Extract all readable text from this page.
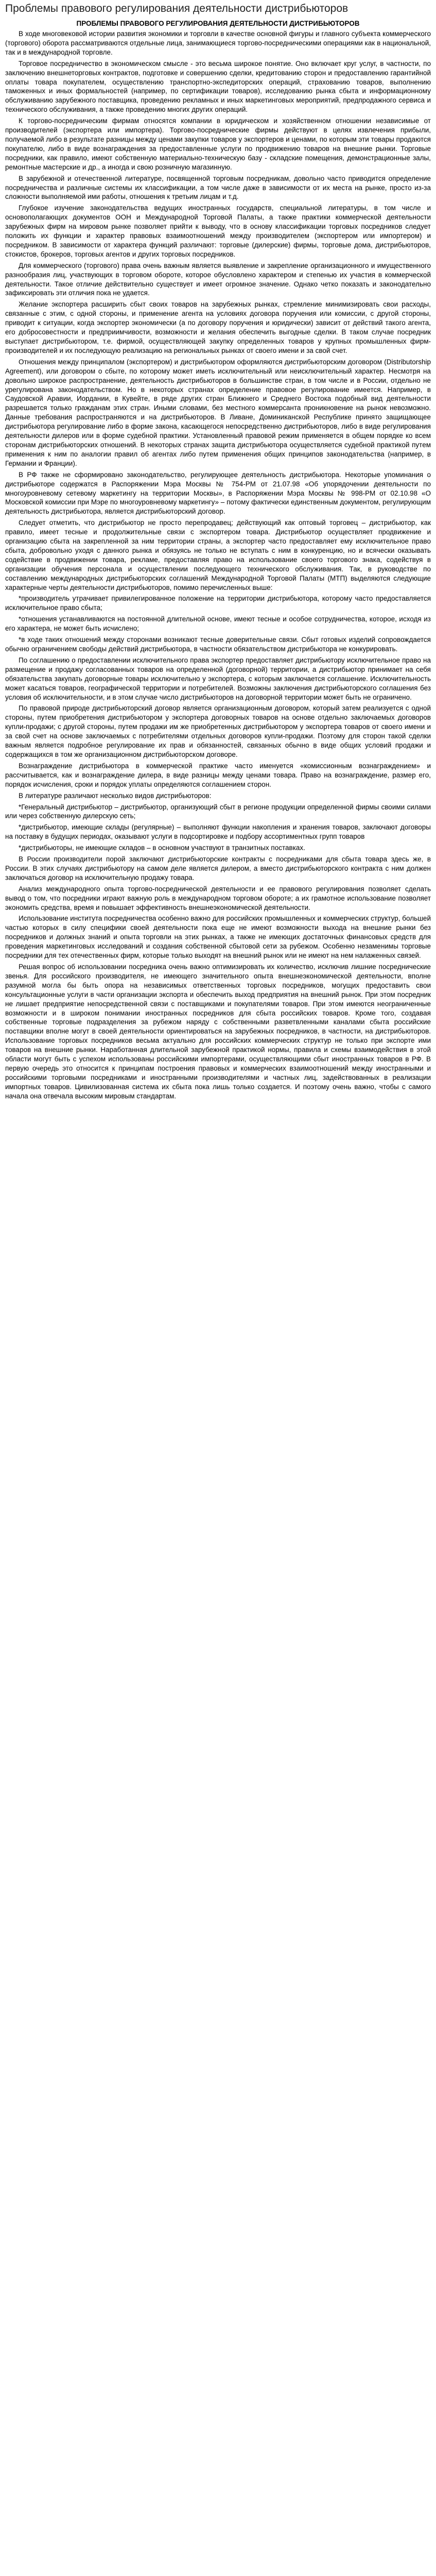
Проблемы правового регулирования деятельности дистрибьюторов
ПРОБЛЕМЫ ПРАВОВОГО РЕГУЛИРОВАНИЯ ДЕЯТЕЛЬНОСТИ ДИСТРИБЬЮТОРОВ

В ходе многовековой истории развития экономики и торговли в качестве основной фигуры и главного субъекта коммерческого (торгового) оборота рассматриваются отдельные лица, занимающиеся торгово-посредническими операциями как в национальной, так и в международной торговле.

Торговое посредничество в экономическом смысле - это весьма широкое понятие. Оно включает круг услуг, в частности, по заключению внешнеторговых контрактов, подготовке и совершению сделки, кредитованию сторон и предоставлению гарантийной оплаты товара покупателем, осуществлению транспортно-экспедиторских операций, страхованию товаров, выполнению таможенных и иных формальностей (например, по сертификации товаров), исследованию рынка сбыта и информационному обслуживанию зарубежного поставщика, проведению рекламных и иных маркетинговых мероприятий, предпродажного сервиса и технического обслуживания, а также проведению многих других операций.

К торгово-посредническим фирмам относятся компании в юридическом и хозяйственном отношении независимые от производителей (экспортера или импортера). Торгово-посреднические фирмы действуют в целях извлечения прибыли, получаемой либо в результате разницы между ценами закупки товаров у экспортеров и ценами, по которым эти товары продаются покупателю, либо в виде вознаграждения за предоставленные услуги по продвижению товаров на внешние рынки. Торговые посредники, как правило, имеют собственную материально-техническую базу - складские помещения, демонстрационные залы, ремонтные мастерские и др., а иногда и свою розничную магазинную.

В зарубежной и отечественной литературе, посвященной торговым посредникам, довольно часто приводится определение посредничества и различные системы их классификации, а том числе даже в зависимости от их места на рынке, просто из-за сложности выполняемой ими работы, отношения к третьим лицам и т.д.

Глубокое изучение законодательства ведущих иностранных государств, специальной литературы, в том числе и основополагающих документов ООН и Международной Торговой Палаты, а также практики коммерческой деятельности зарубежных фирм на мировом рынке позволяет прийти к выводу, что в основу классификации торговых посредников следует положить их функции и характер правовых взаимоотношений между производителем (экспортером или импортером) и посредником. В зависимости от характера функций различают: торговые (дилерские) фирмы, торговые дома, дистрибьюторов, стокистов, брокеров, торговых агентов и других торговых посредников.

Для коммерческого (торгового) права очень важным является выявление и закрепление организационного и имущественного разнообразия лиц, участвующих в торговом обороте, которое обусловлено характером и степенью их участия в коммерческой деятельности. Такое отличие действительно существует и имеет огромное значение. Однако четко показать и законодательно зафиксировать эти отличия пока не удается.

Желание экспортера расширить сбыт своих товаров на зарубежных рынках, стремление минимизировать свои расходы, связанные с этим, с одной стороны, и применение агента на условиях договора поручения или комиссии, с другой стороны, приводит к ситуации, когда экспортер экономически (а по договору поручения и юридически) зависит от действий такого агента, его добросовестности и предприимчивости, возможности и желания обеспечить выгодные сделки. В таком случае посредник выступает дистрибьютором, т.е. фирмой, осуществляющей закупку определенных товаров у крупных промышленных фирм-производителей и их последующую реализацию на региональных рынках от своего имени и за свой счет.

Отношения между принципалом (экспортером) и дистрибьютором оформляются дистрибьюторским договором (Distributorship Agreement), или договором о сбыте, по которому может иметь исключительный или неисключительный характер. Несмотря на довольно широкое распространение, деятельность дистрибьюторов в большинстве стран, в том числе и в России, отдельно не урегулирована законодательством. Но в некоторых странах определение правовое регулирование имеется. Например, в Саудовской Аравии, Иордании, в Кувейте, в ряде других стран Ближнего и Среднего Востока подобный вид деятельности разрешается только гражданам этих стран. Иными словами, без местного коммерсанта проникновение на рынок невозможно. Данные требования распространяются и на дистрибьюторов. В Ливане, Доминиканской Республике принято защищающее дистрибьютора регулирование либо в форме закона, касающегося непосредственно дистрибьюторов, либо в виде регулирования деятельности дилеров или в форме судебной практики. Установленный правовой режим применяется в общем порядке ко всем сторонам дистрибьюторских отношений. В некоторых странах защита дистрибьютора осуществляется судебной практикой путем применения к ним по аналогии правил об агентах либо путем применения общих принципов законодательства (например, в Германии и Франции).

В РФ также не сформировано законодательство, регулирующее деятельность дистрибьютора. Некоторые упоминания о дистрибьюторе содержатся в Распоряжении Мэра Москвы № 754-РМ от 21.07.98 «Об упорядочении деятельности по многоуровневому сетевому маркетингу на территории Москвы», в Распоряжении Мэра Москвы № 998-РМ от 02.10.98 «О Московской комиссии при Мэре по многоуровневому маркетингу» – потому фактически единственным документом, регулирующим деятельность дистрибьютора, является дистрибьюторский договор.

Следует отметить, что дистрибьютор не просто перепродавец; действующий как оптовый торговец – дистрибьютор, как правило, имеет тесные и продолжительные связи с экспортером товара. Дистрибьютор осуществляет продвижение и организацию сбыта на закрепленной за ним территории страны, а экспортер часто предоставляет ему исключительное право сбыта, добровольно уходя с данного рынка и обязуясь не только не вступать с ним в конкуренцию, но и всячески оказывать содействие в продвижении товара, рекламе, предоставляя право на использование своего торгового знака, содействуя в организации обучения персонала и осуществлении последующего технического обслуживания. Так, в руководстве по составлению международных дистрибьюторских соглашений Международной Торговой Палаты (МТП) выделяются следующие характерные черты деятельности дистрибьюторов, помимо перечисленных выше:

*производитель утрачивает привилегированное положение на территории дистрибьютора, которому часто предоставляется исключительное право сбыта;

*отношения устанавливаются на постоянной длительной основе, имеют тесные и особое сотрудничества, которое, исходя из его характера, не может быть исчислено;

*в ходе таких отношений между сторонами возникают тесные доверительные связи. Сбыт готовых изделий сопровождается обычно ограничением свободы действий дистрибьютора, в частности обязательством дистрибьютора не конкурировать.

По соглашению о предоставлении исключительного права экспортер предоставляет дистрибьютору исключительное право на размещение и продажу согласованных товаров на определенной (договорной) территории, а дистрибьютор принимает на себя обязательства закупать договорные товары исключительно у экспортера, с которым заключается соглашение. Исключительность может касаться товаров, географической территории и потребителей. Возможны заключения дистрибьюторского соглашения без условия об исключительности, и в этом случае число дистрибьюторов на договорной территории может быть не ограничено.

По правовой природе дистрибьюторский договор является организационным договором, который затем реализуется с одной стороны, путем приобретения дистрибьютором у экспортера договорных товаров на основе отдельно заключаемых договоров купли-продажи; с другой стороны, путем продажи им же приобретенных дистрибьютором у экспортера товаров от своего имени и за свой счет на основе заключаемых с потребителями отдельных договоров купли-продажи. Поэтому для сторон такой сделки важным является подробное регулирование их прав и обязанностей, связанных обычно в виде общих условий продажи и содержащихся в том же организационном дистрибьюторском договоре.

Вознаграждение дистрибьютора в коммерческой практике часто именуется «комиссионным вознаграждением» и рассчитывается, как и вознаграждение дилера, в виде разницы между ценами товара. Право на вознаграждение, размер его, порядок исчисления, сроки и порядок уплаты определяются соглашением сторон.

В литературе различают несколько видов дистрибьюторов:

*Генеральный дистрибьютор – дистрибьютор, организующий сбыт в регионе продукции определенной фирмы своими силами или через собственную дилерскую сеть;

*дистрибьютор, имеющие склады (регулярные) – выполняют функции накопления и хранения товаров, заключают договоры на поставку в будущих периодах, оказывают услуги в подсортировке и подбору ассортиментных групп товаров

*дистрибьюторы, не имеющие складов – в основном участвуют в транзитных поставках.

В России производители порой заключают дистрибьюторские контракты с посредниками для сбыта товара здесь же, в России. В этих случаях дистрибьютору на самом деле является дилером, а вместо дистрибьюторского контракта с ним должен заключаться договор на исключительную продажу товара.

Анализ международного опыта торгово-посреднической деятельности и ее правового регулирования позволяет сделать вывод о том, что посредники играют важную роль в международном торговом обороте; а их грамотное использование позволяет экономить средства, время и повышает эффективность внешнеэкономической деятельности.

Использование института посредничества особенно важно для российских промышленных и коммерческих структур, большей частью которых в силу специфики своей деятельности пока еще не имеют возможности выхода на внешние рынки без посредников и должных знаний и опыта торговли на этих рынках, а также не имеющих достаточных финансовых средств для проведения маркетинговых исследований и создания собственной сбытовой сети за рубежом. Особенно незаменимы торговые посредники для тех отечественных фирм, которые только выходят на внешний рынок или не имеют на нем налаженных связей.

Решая вопрос об использовании посредника очень важно оптимизировать их количество, исключив лишние посреднические звенья. Для российского производителя, не имеющего значительного опыта внешнеэкономической деятельности, вполне разумной могла бы быть опора на независимых ответственных торговых посредников, могущих предоставить свои консультационные услуги в части организации экспорта и обеспечить выход предприятия на внешний рынок. При этом посредник не лишает предприятие непосредственной связи с поставщиками и покупателями товаров. При этом имеются неограниченные возможности и в широком понимании иностранных посредников для сбыта российских товаров. Кроме того, создавая собственные торговые подразделения за рубежом наряду с собственными разветвленными каналами сбыта российские поставщики вполне могут в своей деятельности ориентироваться на зарубежных посредников, в частности, на дистрибьюторов. Использование торговых посредников весьма актуально для российских коммерческих структур не только при экспорте ими товаров на внешние рынки. Наработанная длительной зарубежной практикой нормы, правила и схемы взаимодействия в этой области могут быть с успехом использованы российскими импортерами, осуществляющими сбыт иностранных товаров в РФ. В первую очередь это относится к принципам построения правовых и коммерческих взаимоотношений между иностранными и российскими торговыми посредниками и иностранными производителями и частных лиц, задействованных в реализации импортных товаров. Цивилизованная система их сбыта пока лишь только создается. И поэтому очень важно, чтобы с самого начала она отвечала высоким мировым стандартам.
